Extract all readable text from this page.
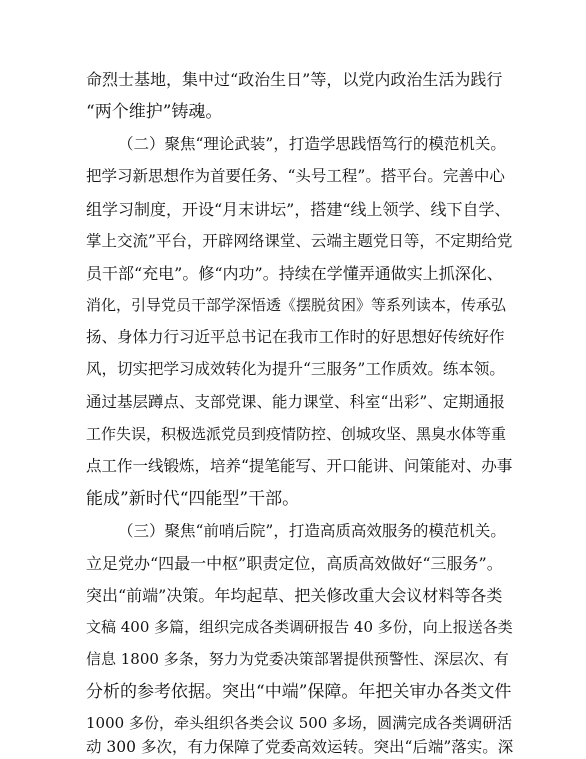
命烈士基地，集中过“政治生日”等，以党内政治生活为践行
“两个维护”铸魂。
（二）聚焦“理论武装”，打造学思践悟笃行的模范机关。
把学习新思想作为首要任务、“头号工程”。搭平台。完善中心
组学习制度，开设“月末讲坛”，搭建“线上领学、线下自学、
掌上交流”平台，开辟网络课堂、云端主题党日等，不定期给党
员干部“充电”。修“内功”。持续在学懂弄通做实上抓深化、
消化，引导党员干部学深悟透《摆脱贫困》等系列读本，传承弘
扬、身体力行习近平总书记在我市工作时的好思想好传统好作
风，切实把学习成效转化为提升“三服务”工作质效。练本领。
通过基层蹲点、支部党课、能力课堂、科室“出彩”、定期通报
工作失误，积极选派党员到疫情防控、创城攻坚、黑臭水体等重
点工作一线锻炼，培养“提笔能写、开口能讲、问策能对、办事
能成”新时代“四能型”干部。
（三）聚焦“前哨后院”，打造高质高效服务的模范机关。
立足党办“四最一中枢”职责定位，高质高效做好“三服务”。
突出“前端”决策。年均起草、把关修改重大会议材料等各类
文稿 400 多篇，组织完成各类调研报告 40 多份，向上报送各类
信息 1800 多条，努力为党委决策部署提供预警性、深层次、有
分析的参考依据。突出“中端”保障。年把关审办各类文件
1000 多份，牵头组织各类会议 500 多场，圆满完成各类调研活
动 300 多次，有力保障了党委高效运转。突出“后端”落实。深
